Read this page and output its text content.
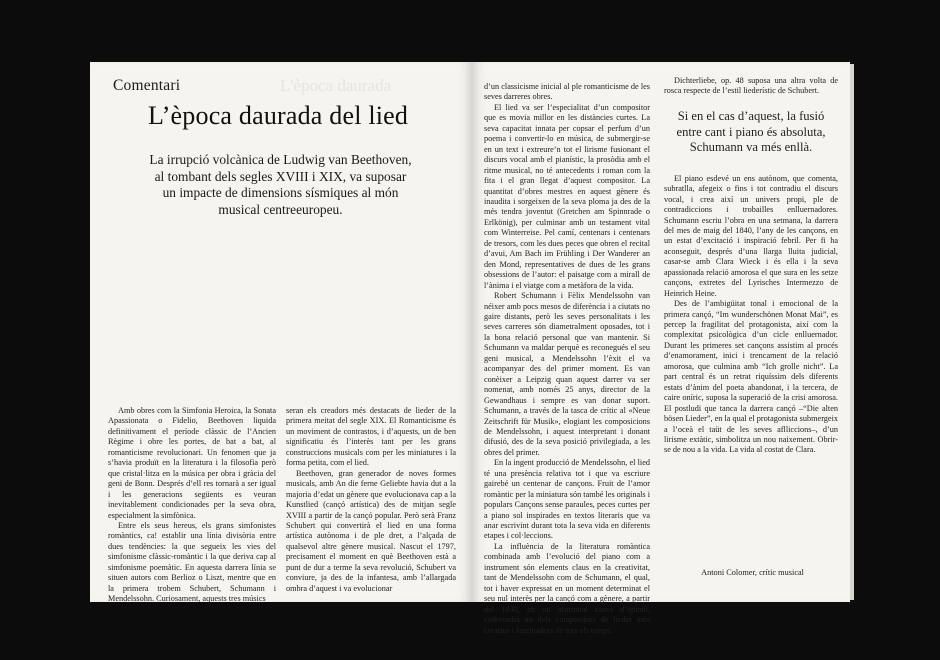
L'època daurada
Comentari
L’època daurada del lied
La irrupció volcànica de Ludwig van Beethoven, al tombant dels segles XVIII i XIX, va suposar un impacte de dimensions sísmiques al món musical centreeuropeu.

Amb obres com la Simfonia Heroica, la Sonata Apassionata o Fidelio, Beethoven liquida definitivament el període clàssic de l’Ancien Règime i obre les portes, de bat a bat, al romanticisme revolucionari. Un fenomen que ja s’havia produït en la literatura i la filosofia però que cristal·litza en la música per obra i gràcia del geni de Bonn. Després d’ell res tornarà a ser igual i les generacions següents es veuran inevitablement condicionades per la seva obra, especialment la simfònica.

Entre els seus hereus, els grans simfonistes romàntics, ca! establir una línia divisòria entre dues tendències: la que segueix les vies del simfonisme clàssic-romàntic i la que deriva cap al simfonisme poemàtic. En aquesta darrera línia se situen autors com Berlioz o Liszt, mentre que en la primera trobem Schubert, Schumann i Mendelssohn. Curiosament, aquests tres músics

seran els creadors més destacats de lieder de la primera meitat del segle XIX. El Romanticisme és un moviment de contrastos, i d’aquests, un de ben significatiu és l’interès tant per les grans construccions musicals com per les miniatures i la forma petita, com el lied.

Beethoven, gran generador de noves formes musicals, amb An die ferne Geliebte havia dut a la majoria d’edat un gènere que evolucionava cap a la Kunstlied (cançó artística) des de mitjan segle XVIII a partir de la cançó popular. Però serà Franz Schubert qui convertirà el lied en una forma artística autònoma i de ple dret, a l’alçada de qualsevol altre gènere musical. Nascut el 1797, precisament el moment en què Beethoven està a punt de dur a terme la seva revolució, Schubert va conviure, ja des de la infantesa, amb l’allargada ombra d’aquest i va evolucionar

d’un classicisme inicial al ple romanticisme de les seves darreres obres.

El lied va ser l’especialitat d’un compositor que es movia millor en les distàncies curtes. La seva capacitat innata per copsar el perfum d’un poema i convertir-lo en música, de submergir-se en un text i extreure’n tot el lirisme fusionant el discurs vocal amb el pianístic, la prosòdia amb el ritme musical, no té antecedents i roman com la fita i el gran llegat d’aquest compositor. La quantitat d’obres mestres en aquest gènere és inaudita i sorgeixen de la seva ploma ja des de la més tendra joventut (Gretchen am Spinnrade o Erlkönig), per culminar amb un testament vital com Winterreise. Pel camí, centenars i centenars de tresors, com les dues peces que obren el recital d’avui, Am Bach im Frühling i Der Wanderer an den Mond, representatives de dues de les grans obsessions de l’autor: el paisatge com a mirall de l’ànima i el viatge com a metàfora de la vida.

Robert Schumann i Fèlix Mendelssohn van néixer amb pocs mesos de diferència i a ciutats no gaire distants, però les seves personalitats i les seves carreres són diametralment oposades, tot i la bona relació personal que van mantenir. Si Schumann va maldar perquè es reconegués el seu geni musical, a Mendelssohn l’èxit el va acompanyar des del primer moment. Es van conèixer a Leipzig quan aquest darrer va ser nomenat, amb només 25 anys, director de la Gewandhaus i sempre es van donar suport. Schumann, a través de la tasca de crític al «Neue Zeitschrift für Musik», elogiant les composicions de Mendelssohn, i aquest interpretant i donant difusió, des de la seva posició privilegiada, a les obres del primer.

En la ingent producció de Mendelssohn, el lied té una presència relativa tot i que va escriure gairebé un centenar de cançons. Fruit de l’amor romàntic per la miniatura són també les originals i populars Cançons sense paraules, peces curtes per a piano sol inspirades en textos literaris que va anar escrivint durant tota la seva vida en diferents etapes i col·leccions.

La influència de la literatura romàntica combinada amb l’evolució del piano com a instrument són elements claus en la creativitat, tant de Mendelssohn com de Schumann, el qual, tot i haver expressat en un moment determinat el seu nul interès per la cançó com a gènere, a partir del 1840, en un afortunat canvi d’opinió, esdevindrà un dels compositors de lieder més creatius i fascinadors de tots els temps.

Dichterliebe, op. 48 suposa una altra volta de rosca respecte de l’estil liederístic de Schubert.

Si en el cas d’aquest, la fusió entre cant i piano és absoluta, Schumann va més enllà.

El piano esdevé un ens autònom, que comenta, subratlla, afegeix o fins i tot contradiu el discurs vocal, i crea així un univers propi, ple de contradiccions i trobailles enlluernadores. Schumann escriu l’obra en una setmana, la darrera del mes de maig del 1840, l’any de les cançons, en un estat d’excitació i inspiració febril. Per fi ha aconseguit, després d’una llarga lluita judicial, casar-se amb Clara Wieck i és ella i la seva apassionada relació amorosa el que sura en les setze cançons, extretes del Lyrisches Intermezzo de Heinrich Heine.

Des de l’ambigüitat tonal i emocional de la primera cançó, “Im wunderschönen Monat Mai”, es percep la fragilitat del protagonista, així com la complexitat psicològica d’un cicle enlluernador. Durant les primeres set cançons assistim al procés d’enamorament, inici i trencament de la relació amorosa, que culmina amb “Ich grolle nicht”. La part central és un retrat riquíssim dels diferents estats d’ànim del poeta abandonat, i la tercera, de caire oníric, suposa la superació de la crisi amorosa. El postludi que tanca la darrera cançó –“Die alten bösen Lieder”, en la qual el protagonista submergeix a l’oceà el taüt de les seves aflliccions–, d’un lirisme extàtic, simbolitza un nou naixement. Obrir-se de nou a la vida. La vida al costat de Clara.

Antoni Colomer, crític musical
